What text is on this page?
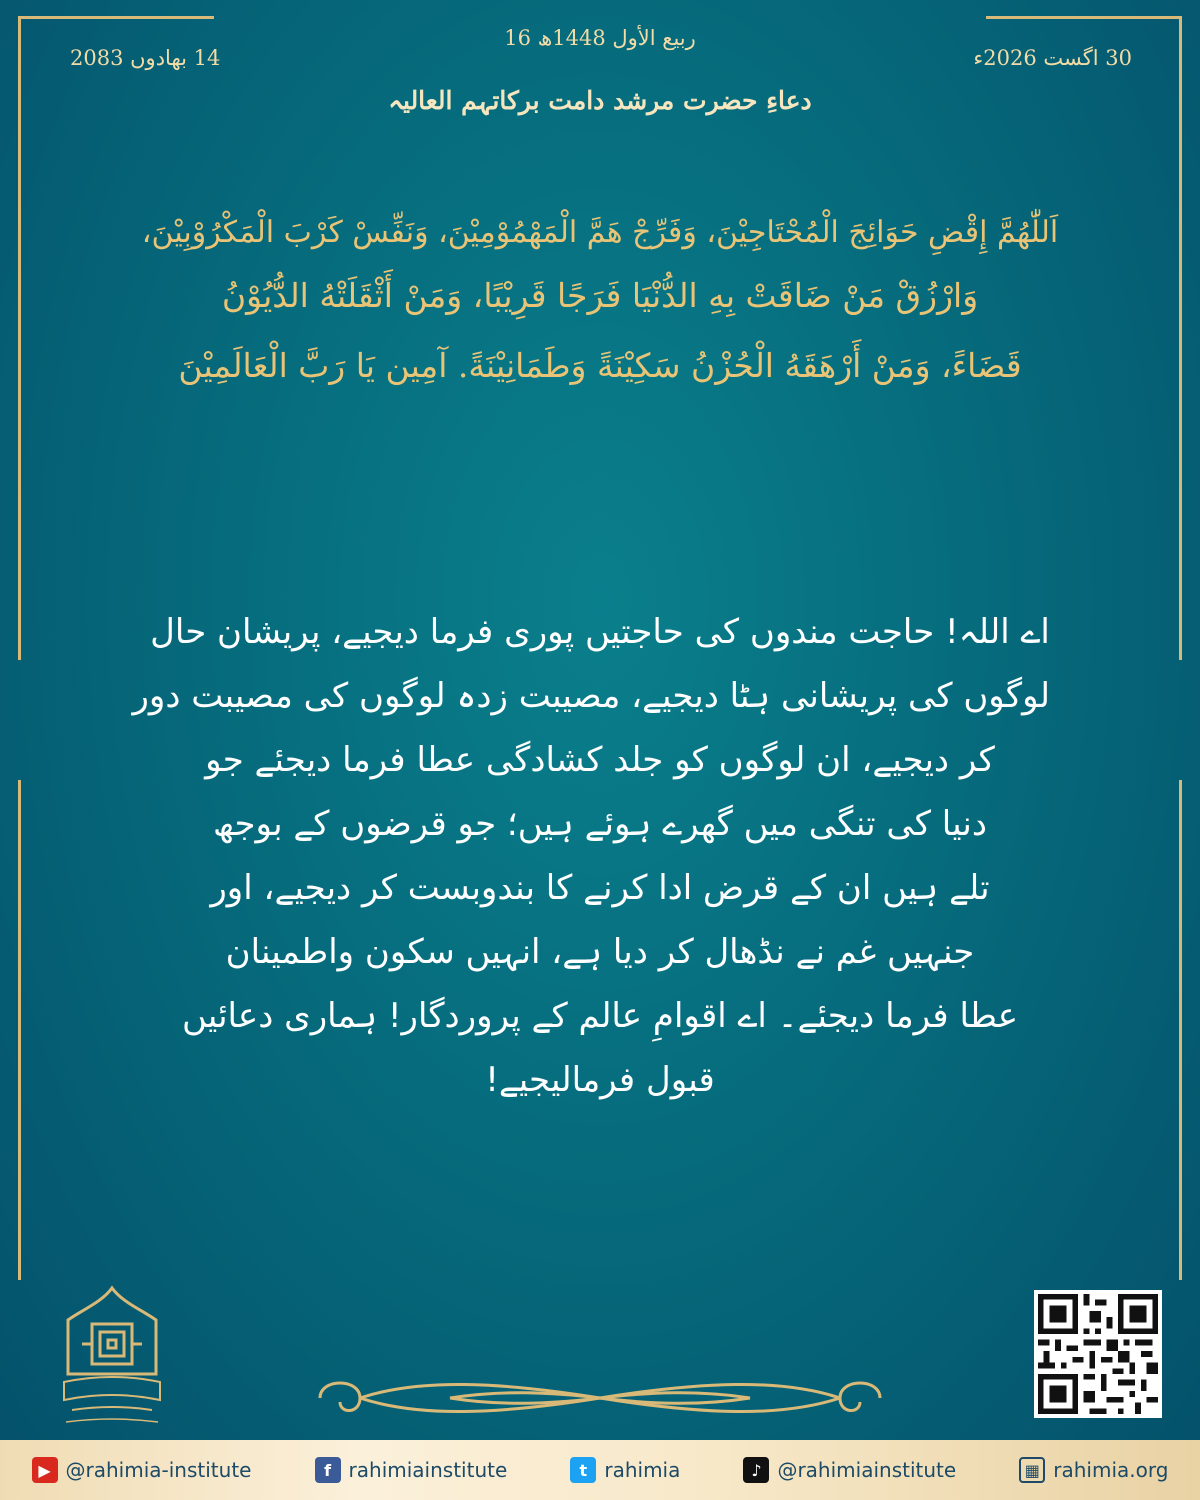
16 ربیع الأول 1448ھ
30 اگست 2026ء
14 بھادوں 2083
دعاءِ حضرت مرشد دامت برکاتہم العالیہ

اَللّٰهُمَّ إِقْضِ حَوَائِجَ الْمُحْتَاجِيْنَ، وَفَرِّجْ هَمَّ الْمَهْمُوْمِيْنَ، وَنَفِّسْ كَرْبَ الْمَكْرُوْبِيْنَ،

وَارْزُقْ مَنْ ضَاقَتْ بِهِ الدُّنْيَا فَرَجًا قَرِيْبًا، وَمَنْ أَثْقَلَتْهُ الدُّيُوْنُ

قَضَاءً، وَمَنْ أَرْهَقَهُ الْحُزْنُ سَكِيْنَةً وَطَمَانِيْنَةً. آمِين يَا رَبَّ الْعَالَمِيْنَ

اے اللہ! حاجت مندوں کی حاجتیں پوری فرما دیجیے، پریشان حال

لوگوں کی پریشانی ہٹا دیجیے، مصیبت زدہ لوگوں کی مصیبت دور

کر دیجیے، ان لوگوں کو جلد کشادگی عطا فرما دیجئے جو

دنیا کی تنگی میں گھرے ہوئے ہیں؛ جو قرضوں کے بوجھ

تلے ہیں ان کے قرض ادا کرنے کا بندوبست کر دیجیے، اور

جنہیں غم نے نڈھال کر دیا ہے، انہیں سکون واطمینان

عطا فرما دیجئے۔ اے اقوامِ عالم کے پروردگار! ہماری دعائیں

قبول فرمالیجیے!

▶ @rahimia-institute	f rahimiainstitute	t rahimia	♪ @rahimiainstitute	▦ rahimia.org
